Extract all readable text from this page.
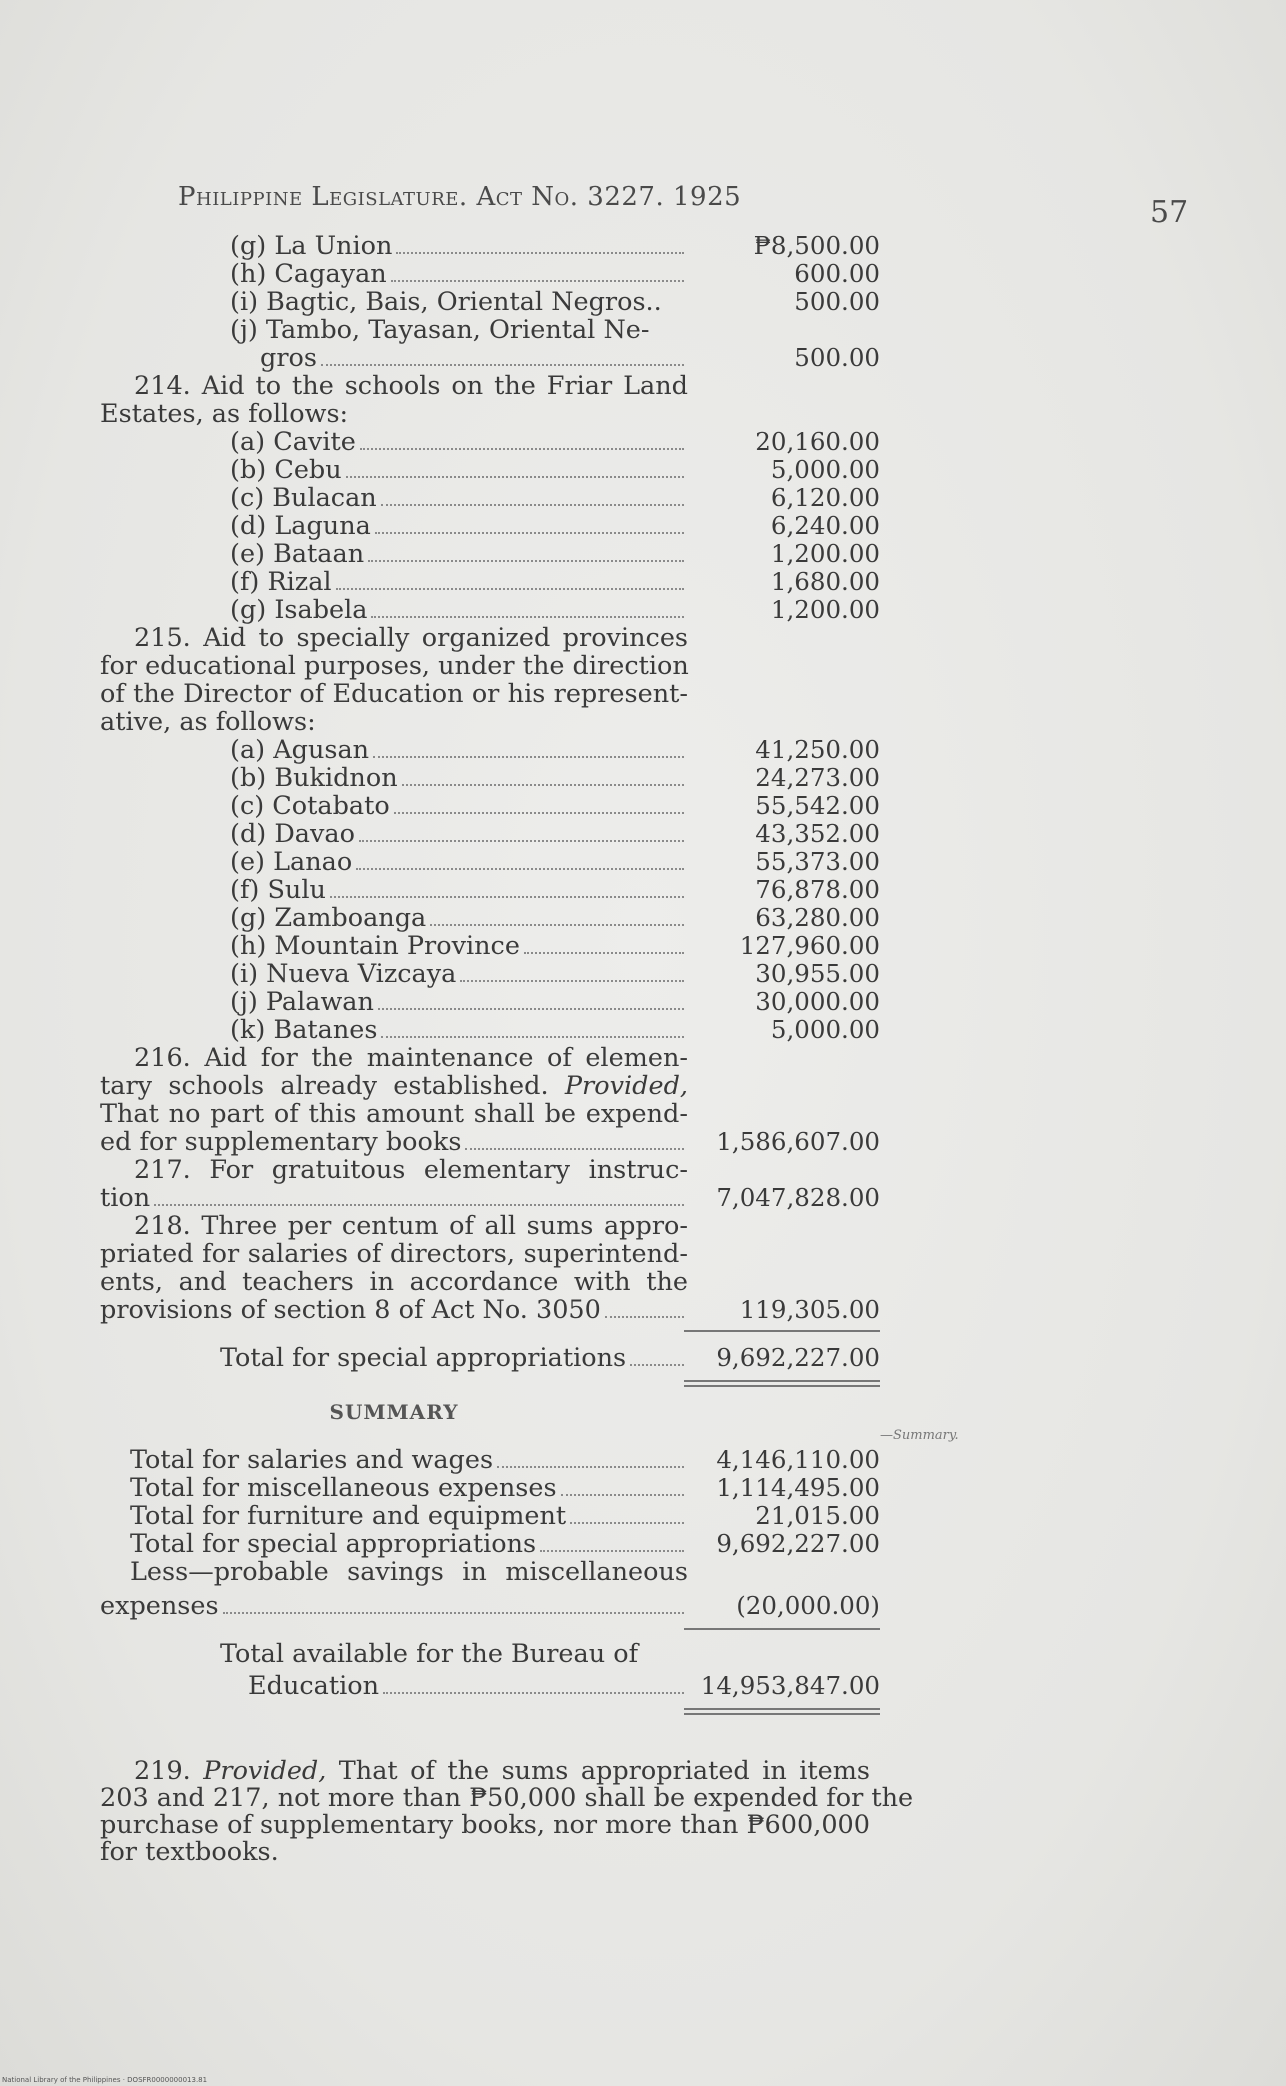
Philippine Legislature. Act No. 3227. 1925	57
(g) La Union	₱8,500.00
(h) Cagayan	600.00
(i) Bagtic, Bais, Oriental Negros..	500.00
(j) Tambo, Tayasan, Oriental Ne-
gros	500.00
214. Aid to the schools on the Friar Land
Estates, as follows:
(a) Cavite	20,160.00
(b) Cebu	5,000.00
(c) Bulacan	6,120.00
(d) Laguna	6,240.00
(e) Bataan	1,200.00
(f) Rizal	1,680.00
(g) Isabela	1,200.00
215. Aid to specially organized provinces
for educational purposes, under the direction
of the Director of Education or his represent-
ative, as follows:
(a) Agusan	41,250.00
(b) Bukidnon	24,273.00
(c) Cotabato	55,542.00
(d) Davao	43,352.00
(e) Lanao	55,373.00
(f) Sulu	76,878.00
(g) Zamboanga	63,280.00
(h) Mountain Province	127,960.00
(i) Nueva Vizcaya	30,955.00
(j) Palawan	30,000.00
(k) Batanes	5,000.00
216. Aid for the maintenance of elemen-
tary schools already established. Provided,
That no part of this amount shall be expend-
ed for supplementary books	1,586,607.00
217. For gratuitous elementary instruc-
tion	7,047,828.00
218. Three per centum of all sums appro-
priated for salaries of directors, superintend-
ents, and teachers in accordance with the
provisions of section 8 of Act No. 3050	119,305.00
Total for special appropriations	9,692,227.00
SUMMARY
Total for salaries and wages	4,146,110.00
Total for miscellaneous expenses	1,114,495.00
Total for furniture and equipment	21,015.00
Total for special appropriations	9,692,227.00
Less—probable savings in miscellaneous
expenses	(20,000.00)
Total available for the Bureau of
Education	14,953,847.00
—Summary.
219. Provided, That of the sums appropriated in items
203 and 217, not more than ₱50,000 shall be expended for the
purchase of supplementary books, nor more than ₱600,000
for textbooks.
National Library of the Philippines · DOSFR0000000013.81
